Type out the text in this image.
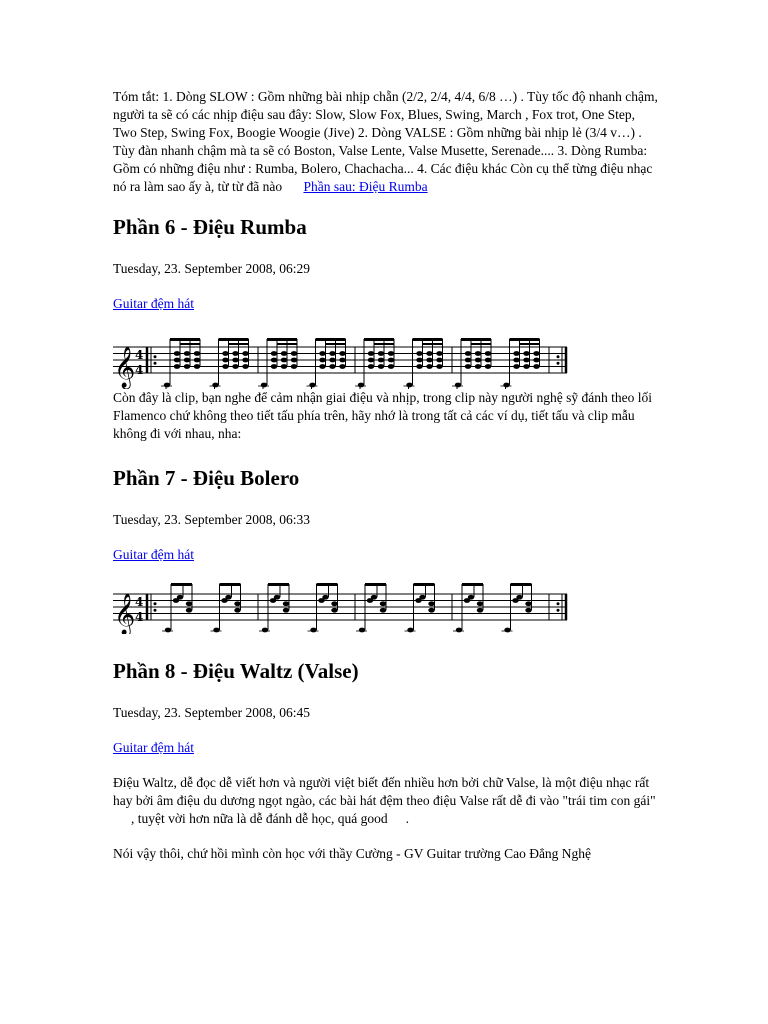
Tóm tắt: 1. Dòng SLOW : Gồm những bài nhịp chẵn (2/2, 2/4, 4/4, 6/8 …) . Tùy tốc độ nhanh chậm, người ta sẽ có các nhịp điệu sau đây: Slow, Slow Fox, Blues, Swing, March , Fox trot, One Step, Two Step, Swing Fox, Boogie Woogie (Jive) 2. Dòng VALSE : Gồm những bài nhịp lẻ (3/4 v…) . Tùy đàn nhanh chậm mà ta sẽ có Boston, Valse Lente, Valse Musette, Serenade.... 3. Dòng Rumba: Gồm có những điệu như : Rumba, Bolero, Chachacha... 4. Các điệu khác Còn cụ thể từng điệu nhạc nó ra làm sao ấy à, từ từ đã nào Phần sau: Điệu Rumba

Phần 6 - Điệu Rumba

Tuesday, 23. September 2008, 06:29

Guitar đệm hát

𝄞 4
4

Còn đây là clip, bạn nghe để cảm nhận giai điệu và nhịp, trong clip này người nghệ sỹ đánh theo lối Flamenco chứ không theo tiết tấu phía trên, hãy nhớ là trong tất cả các ví dụ, tiết tấu và clip mẫu không đi với nhau, nha:

Phần 7 - Điệu Bolero

Tuesday, 23. September 2008, 06:33

Guitar đệm hát

𝄞 4
4
Phần 8 - Điệu Waltz (Valse)

Tuesday, 23. September 2008, 06:45

Guitar đệm hát

Điệu Waltz, dễ đọc dễ viết hơn và người việt biết đến nhiều hơn bởi chữ Valse, là một điệu nhạc rất hay bởi âm điệu du dương ngọt ngào, các bài hát đệm theo điệu Valse rất dễ đi vào "trái tim con gái", tuyệt vời hơn nữa là dễ đánh dễ học, quá good .

Nói vậy thôi, chứ hồi mình còn học với thầy Cường - GV Guitar trường Cao Đẳng Nghệ
